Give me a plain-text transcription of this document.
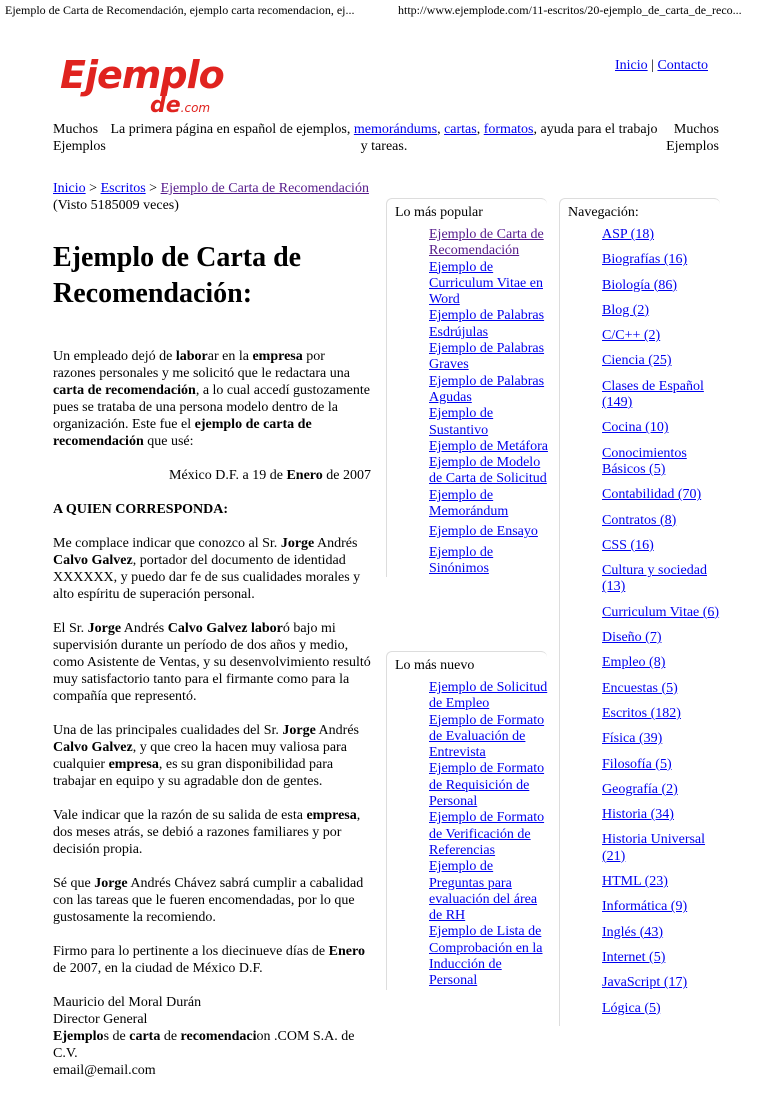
Ejemplo de Carta de Recomendación, ejemplo carta recomendacion, ej...	http://www.ejemplode.com/11-escritos/20-ejemplo_de_carta_de_reco...
Ejemplo
de.com
Inicio | Contacto
Muchos Ejemplos
La primera página en español de ejemplos, memorándums, cartas, formatos, ayuda para el trabajo y tareas.
Muchos Ejemplos
Inicio > Escritos > Ejemplo de Carta de Recomendación
(Visto 5185009 veces)
Ejemplo de Carta de Recomendación:

Un empleado dejó de laborar en la empresa por razones personales y me solicitó que le redactara una carta de recomendación, a lo cual accedí gustozamente pues se trataba de una persona modelo dentro de la organización. Este fue el ejemplo de carta de recomendación que usé:

México D.F. a 19 de Enero de 2007

A QUIEN CORRESPONDA:

Me complace indicar que conozco al Sr. Jorge Andrés Calvo Galvez, portador del documento de identidad XXXXXX, y puedo dar fe de sus cualidades morales y alto espíritu de superación personal.

El Sr. Jorge Andrés Calvo Galvez laboró bajo mi supervisión durante un período de dos años y medio, como Asistente de Ventas, y su desenvolvimiento resultó muy satisfactorio tanto para el firmante como para la compañía que representó.

Una de las principales cualidades del Sr. Jorge Andrés Calvo Galvez, y que creo la hacen muy valiosa para cualquier empresa, es su gran disponibilidad para trabajar en equipo y su agradable don de gentes.

Vale indicar que la razón de su salida de esta empresa, dos meses atrás, se debió a razones familiares y por decisión propia.

Sé que Jorge Andrés Chávez sabrá cumplir a cabalidad con las tareas que le fueren encomendadas, por lo que gustosamente la recomiendo.

Firmo para lo pertinente a los diecinueve días de Enero de 2007, en la ciudad de México D.F.

Mauricio del Moral Durán
Director General
Ejemplos de carta de recomendacion .COM S.A. de C.V.
email@email.com

Lo más popular
Ejemplo de Carta de Recomendación
Ejemplo de Curriculum Vitae en Word
Ejemplo de Palabras Esdrújulas
Ejemplo de Palabras Graves
Ejemplo de Palabras Agudas
Ejemplo de Sustantivo
Ejemplo de Metáfora
Ejemplo de Modelo de Carta de Solicitud
Ejemplo de Memorándum
Ejemplo de Ensayo
Ejemplo de Sinónimos
Lo más nuevo
Ejemplo de Solicitud de Empleo
Ejemplo de Formato de Evaluación de Entrevista
Ejemplo de Formato de Requisición de Personal
Ejemplo de Formato de Verificación de Referencias
Ejemplo de Preguntas para evaluación del área de RH
Ejemplo de Lista de Comprobación en la Inducción de Personal
Navegación:
ASP (18)
Biografías (16)
Biología (86)
Blog (2)
C/C++ (2)
Ciencia (25)
Clases de Español (149)
Cocina (10)
Conocimientos Básicos (5)
Contabilidad (70)
Contratos (8)
CSS (16)
Cultura y sociedad (13)
Curriculum Vitae (6)
Diseño (7)
Empleo (8)
Encuestas (5)
Escritos (182)
Física (39)
Filosofía (5)
Geografía (2)
Historia (34)
Historia Universal (21)
HTML (23)
Informática (9)
Inglés (43)
Internet (5)
JavaScript (17)
Lógica (5)
